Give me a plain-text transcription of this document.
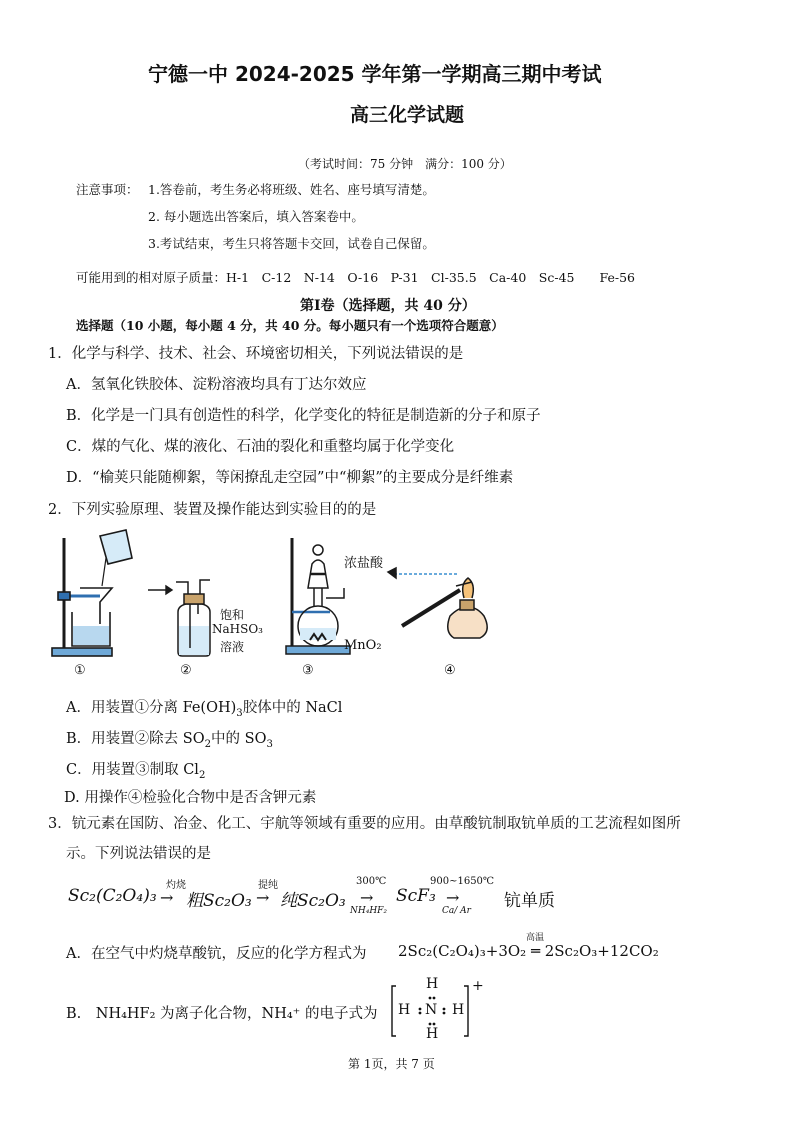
宁德一中 2024-2025 学年第一学期高三期中考试
高三化学试题
（考试时间：75 分钟　满分：100 分）
注意事项： 1.答卷前，考生务必将班级、姓名、座号填写清楚。
2. 每小题选出答案后，填入答案卷中。
3.考试结束，考生只将答题卡交回，试卷自己保留。
可能用到的相对原子质量：H-1　C-12　N-14　O-16　P-31　Cl-35.5　Ca-40　Sc-45　　Fe-56
第Ⅰ卷（选择题，共 40 分）
选择题（10 小题，每小题 4 分，共 40 分。每小题只有一个选项符合题意）
1．化学与科学、技术、社会、环境密切相关，下列说法错误的是
A．氢氧化铁胶体、淀粉溶液均具有丁达尔效应
B．化学是一门具有创造性的科学，化学变化的特征是制造新的分子和原子
C．煤的气化、煤的液化、石油的裂化和重整均属于化学变化
D．“榆荚只能随柳絮，等闲撩乱走空园”中“柳絮”的主要成分是纤维素
2．下列实验原理、装置及操作能达到实验目的的是
①	②	③	④
饱和
NaHSO₃
溶液
浓盐酸
MnO₂
A．用装置①分离 $Fe(OH)_3$胶体中的 NaCl
B．用装置②除去 $SO_2$中的 $SO_3$
C．用装置③制取 $Cl_2$
D. 用操作④检验化合物中是否含钾元素
3．钪元素在国防、冶金、化工、宇航等领域有重要的应用。由草酸钪制取钪单质的工艺流程如图所
示。下列说法错误的是
Sc₂(C₂O₄)₃
灼烧
→ 粗Sc₂O₃
提纯
→ 纯Sc₂O₃
300℃
→
NH₄HF₂
ScF₃
900~1650℃
→
Ca/ Ar 钪单质
A．在空气中灼烧草酸钪，反应的化学方程式为
高温
2Sc₂(C₂O₄)₃+3O₂ ═ 2Sc₂O₃+12CO₂
B.　NH₄HF₂ 为离子化合物，NH₄⁺ 的电子式为
H
H N H
H
+
第 1页，共 7 页
